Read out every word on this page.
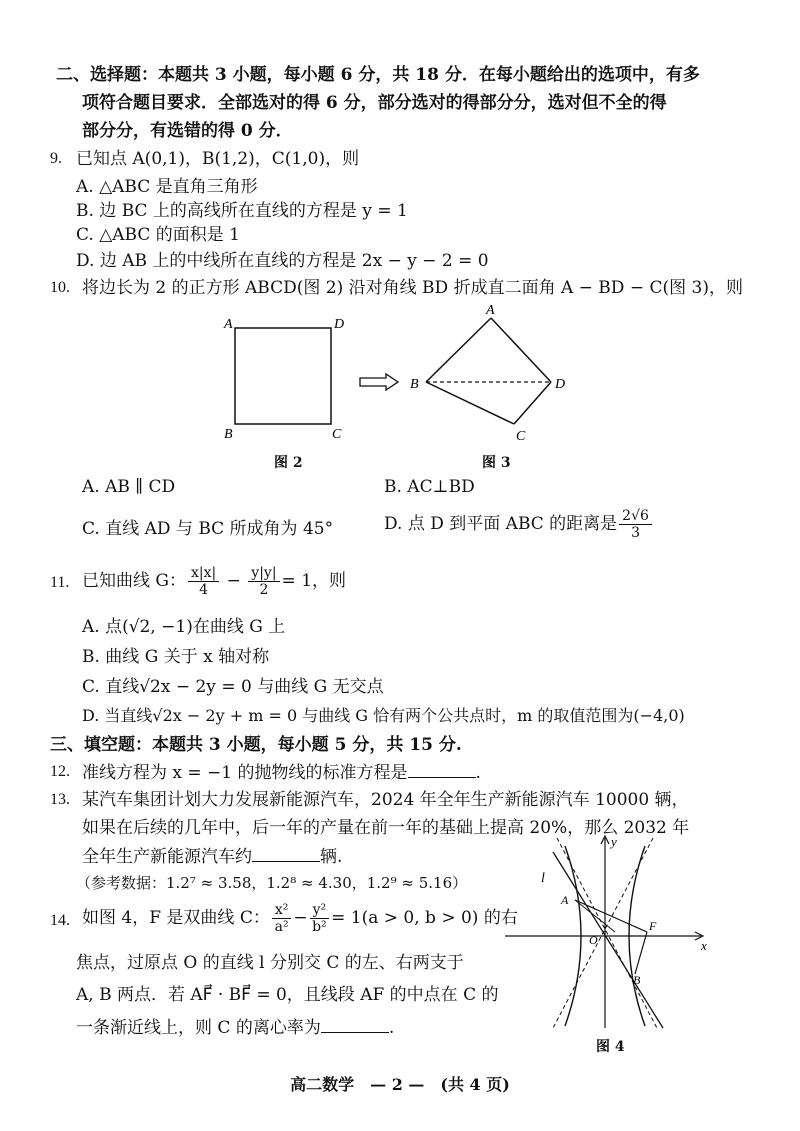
二、选择题：本题共 3 小题，每小题 6 分，共 18 分．在每小题给出的选项中，有多
项符合题目要求．全部选对的得 6 分，部分选对的得部分分，选对但不全的得
部分分，有选错的得 0 分．
9. 已知点 A(0,1)，B(1,2)，C(1,0)，则
A. △ABC 是直角三角形
B. 边 BC 上的高线所在直线的方程是 y = 1
C. △ABC 的面积是 1
D. 边 AB 上的中线所在直线的方程是 2x − y − 2 = 0
10. 将边长为 2 的正方形 ABCD(图 2) 沿对角线 BD 折成直二面角 A − BD − C(图 3)，则
A	D
B	C
图 2
A
B	D
C
图 3
A. AB ∥ CD	B. AC⊥BD
C. 直线 AD 与 BC 所成角为 45°	D. 点 D 到平面 ABC 的距离是 $\frac{2√6}{3}$
11. 已知曲线 G： $\frac{x|x|}{4} - \frac{y|y|}{2} = 1$，则
A. 点(√2, −1)在曲线 G 上
B. 曲线 G 关于 x 轴对称
C. 直线√2x − 2y = 0 与曲线 G 无交点
D. 当直线√2x − 2y + m = 0 与曲线 G 恰有两个公共点时，m 的取值范围为(−4,0)
三、填空题：本题共 3 小题，每小题 5 分，共 15 分.
12. 准线方程为 x = −1 的抛物线的标准方程是	.
13. 某汽车集团计划大力发展新能源汽车，2024 年全年生产新能源汽车 10000 辆，
如果在后续的几年中，后一年的产量在前一年的基础上提高 20%，那么 2032 年
全年生产新能源汽车约	辆.
（参考数据：1.2⁷ ≈ 3.58，1.2⁸ ≈ 4.30，1.2⁹ ≈ 5.16）
14. 如图 4，F 是双曲线 C： $\frac{\text{x²}}{\text{a²}} - \frac{\text{y²}}{\text{b²}} = 1(a > 0$, b > 0) 的右
焦点，过原点 O 的直线 l 分别交 C 的左、右两支于
A, B 两点．若 AF⃗ · BF⃗ = 0，且线段 AF 的中点在 C 的
一条渐近线上，则 C 的离心率为	.
y
x
l
A
O
F
B
图 4
高二数学　— 2 —　(共 4 页)
